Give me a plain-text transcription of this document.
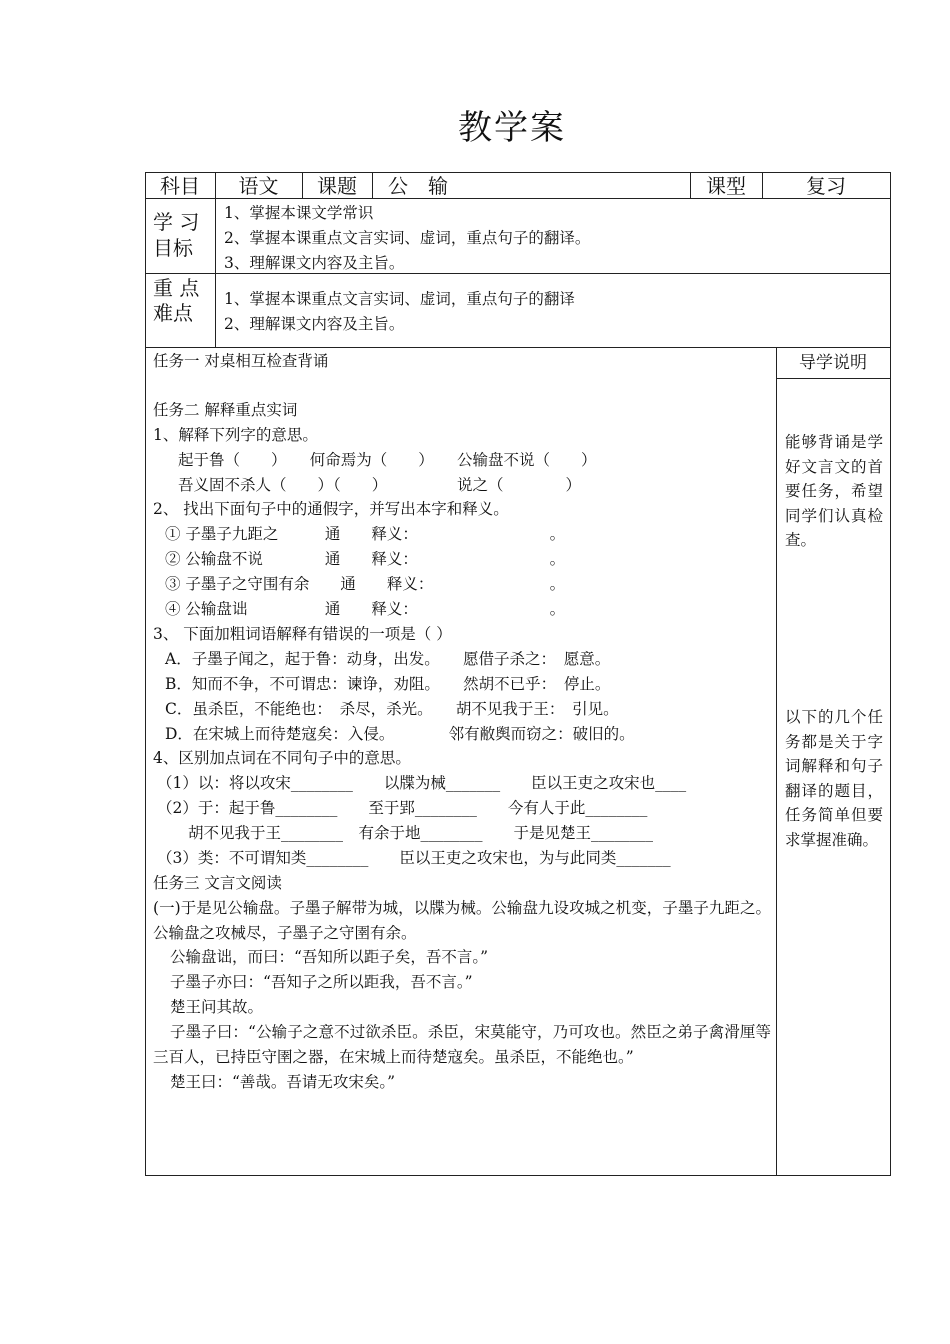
教学案
科目	语文	课题	公　输	课型	复习
学 习
目标
1、掌握本课文学常识
2、掌握本课重点文言实词、虚词，重点句子的翻译。
3、理解课文内容及主旨。
重 点
难点
1、掌握本课重点文言实词、虚词，重点句子的翻译
2、理解课文内容及主旨。
任务一 对桌相互检查背诵
任务二 解释重点实词
1、解释下列字的意思。
起于鲁（　　）　　何命焉为（　　）　　公输盘不说（　　）
吾义固不杀人（　　）（　　）　　　　　说之（　　　　）
2、 找出下面句子中的通假字，并写出本字和释义。
① 子墨子九距之　　　通　　释义：　　　　　　　　　。
② 公输盘不说　　　　通　　释义：　　　　　　　　　。
③ 子墨子之守围有余　　通　　释义：　　　　　　　　。
④ 公输盘诎　　　　　通　　释义：　　　　　　　　　。
3、 下面加粗词语解释有错误的一项是（ ）
A．子墨子闻之，起于鲁：动身，出发。　　愿借子杀之：　愿意。
B．知而不争，不可谓忠：谏诤，劝阻。　　然胡不已乎：　停止。
C．虽杀臣，不能绝也：　杀尽，杀光。　　胡不见我于王：　引见。
D．在宋城上而待楚寇矣：入侵。　　　　邻有敝舆而窃之：破旧的。
4、区别加点词在不同句子中的意思。
（1）以：将以攻宋________　　以牒为械_______　　臣以王吏之攻宋也____
（2）于：起于鲁________　　至于郢________　　今有人于此________
胡不见我于王________　有余于地________　　于是见楚王________
（3）类：不可谓知类________　　臣以王吏之攻宋也，为与此同类_______
任务三 文言文阅读
(一)于是见公输盘。子墨子解带为城，以牒为械。公输盘九设攻城之机变，子墨子九距之。公输盘之攻械尽，子墨子之守圉有余。
公输盘诎，而曰：“吾知所以距子矣，吾不言。”
子墨子亦曰：“吾知子之所以距我，吾不言。”
楚王问其故。
子墨子曰：“公输子之意不过欲杀臣。杀臣，宋莫能守，乃可攻也。然臣之弟子禽滑厘等三百人，已持臣守圉之器，在宋城上而待楚寇矣。虽杀臣，不能绝也。”
楚王曰：“善哉。吾请无攻宋矣。”
导学说明
能够背诵是学好文言文的首要任务，希望同学们认真检查。
以下的几个任务都是关于字词解释和句子翻译的题目，任务简单但要求掌握准确。
